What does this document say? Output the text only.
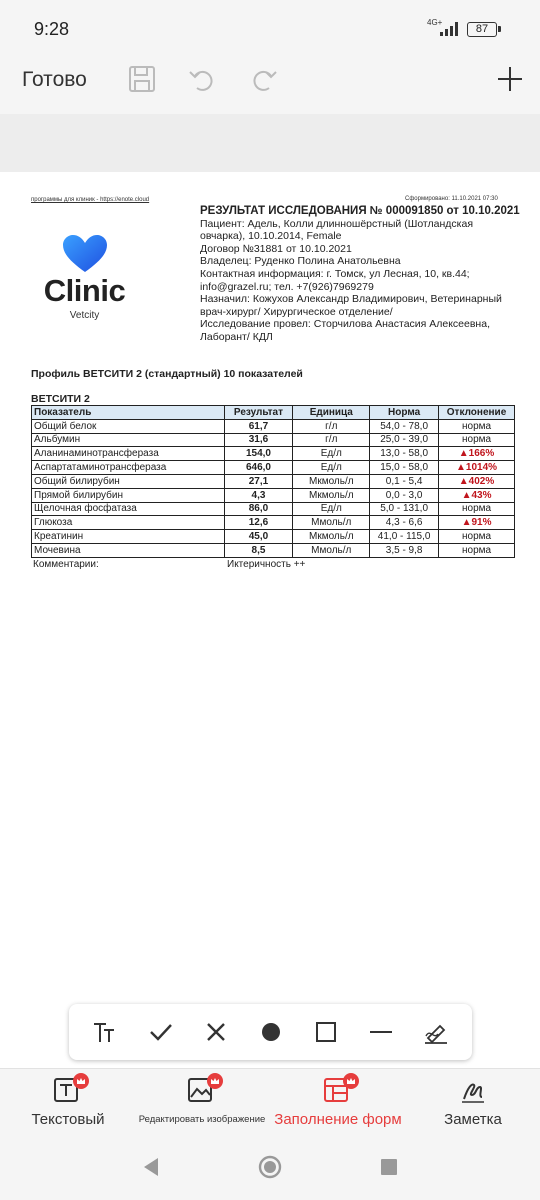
9:28	4G+
87
Готово
программы для клиник - https://enote.cloud	Сформировано: 11.10.2021 07:30
Clinic
Vetcity
РЕЗУЛЬТАТ ИССЛЕДОВАНИЯ № 000091850 от 10.10.2021
Пациент: Адель, Колли длинношёрстный (Шотландская овчарка), 10.10.2014, Female
Договор №31881 от 10.10.2021
Владелец: Руденко Полина Анатольевна
Контактная информация: г. Томск, ул Лесная, 10, кв.44; info@grazel.ru; тел. +7(926)7969279
Назначил: Кожухов Александр Владимирович, Ветеринарный врач-хирург/ Хирургическое отделение/
Исследование провел: Сторчилова Анастасия Алексеевна, Лаборант/ КДЛ
Профиль ВЕТСИТИ 2 (стандартный) 10 показателей
ВЕТСИТИ 2
Показатель	Результат	Единица	Норма	Отклонение
Общий белок	61,7	г/л	54,0 - 78,0	норма
Альбумин	31,6	г/л	25,0 - 39,0	норма
Аланинаминотрансфераза	154,0	Ед/л	13,0 - 58,0	▲166%
Аспартатаминотрансфераза	646,0	Ед/л	15,0 - 58,0	▲1014%
Общий билирубин	27,1	Мкмоль/л	0,1 - 5,4	▲402%
Прямой билирубин	4,3	Мкмоль/л	0,0 - 3,0	▲43%
Щелочная фосфатаза	86,0	Ед/л	5,0 - 131,0	норма
Глюкоза	12,6	Ммоль/л	4,3 - 6,6	▲91%
Креатинин	45,0	Мкмоль/л	41,0 - 115,0	норма
Мочевина	8,5	Ммоль/л	3,5 - 9,8	норма
Комментарии:	Иктеричность ++
Текстовый	Редактировать изображение Заполнение форм	Заметка
